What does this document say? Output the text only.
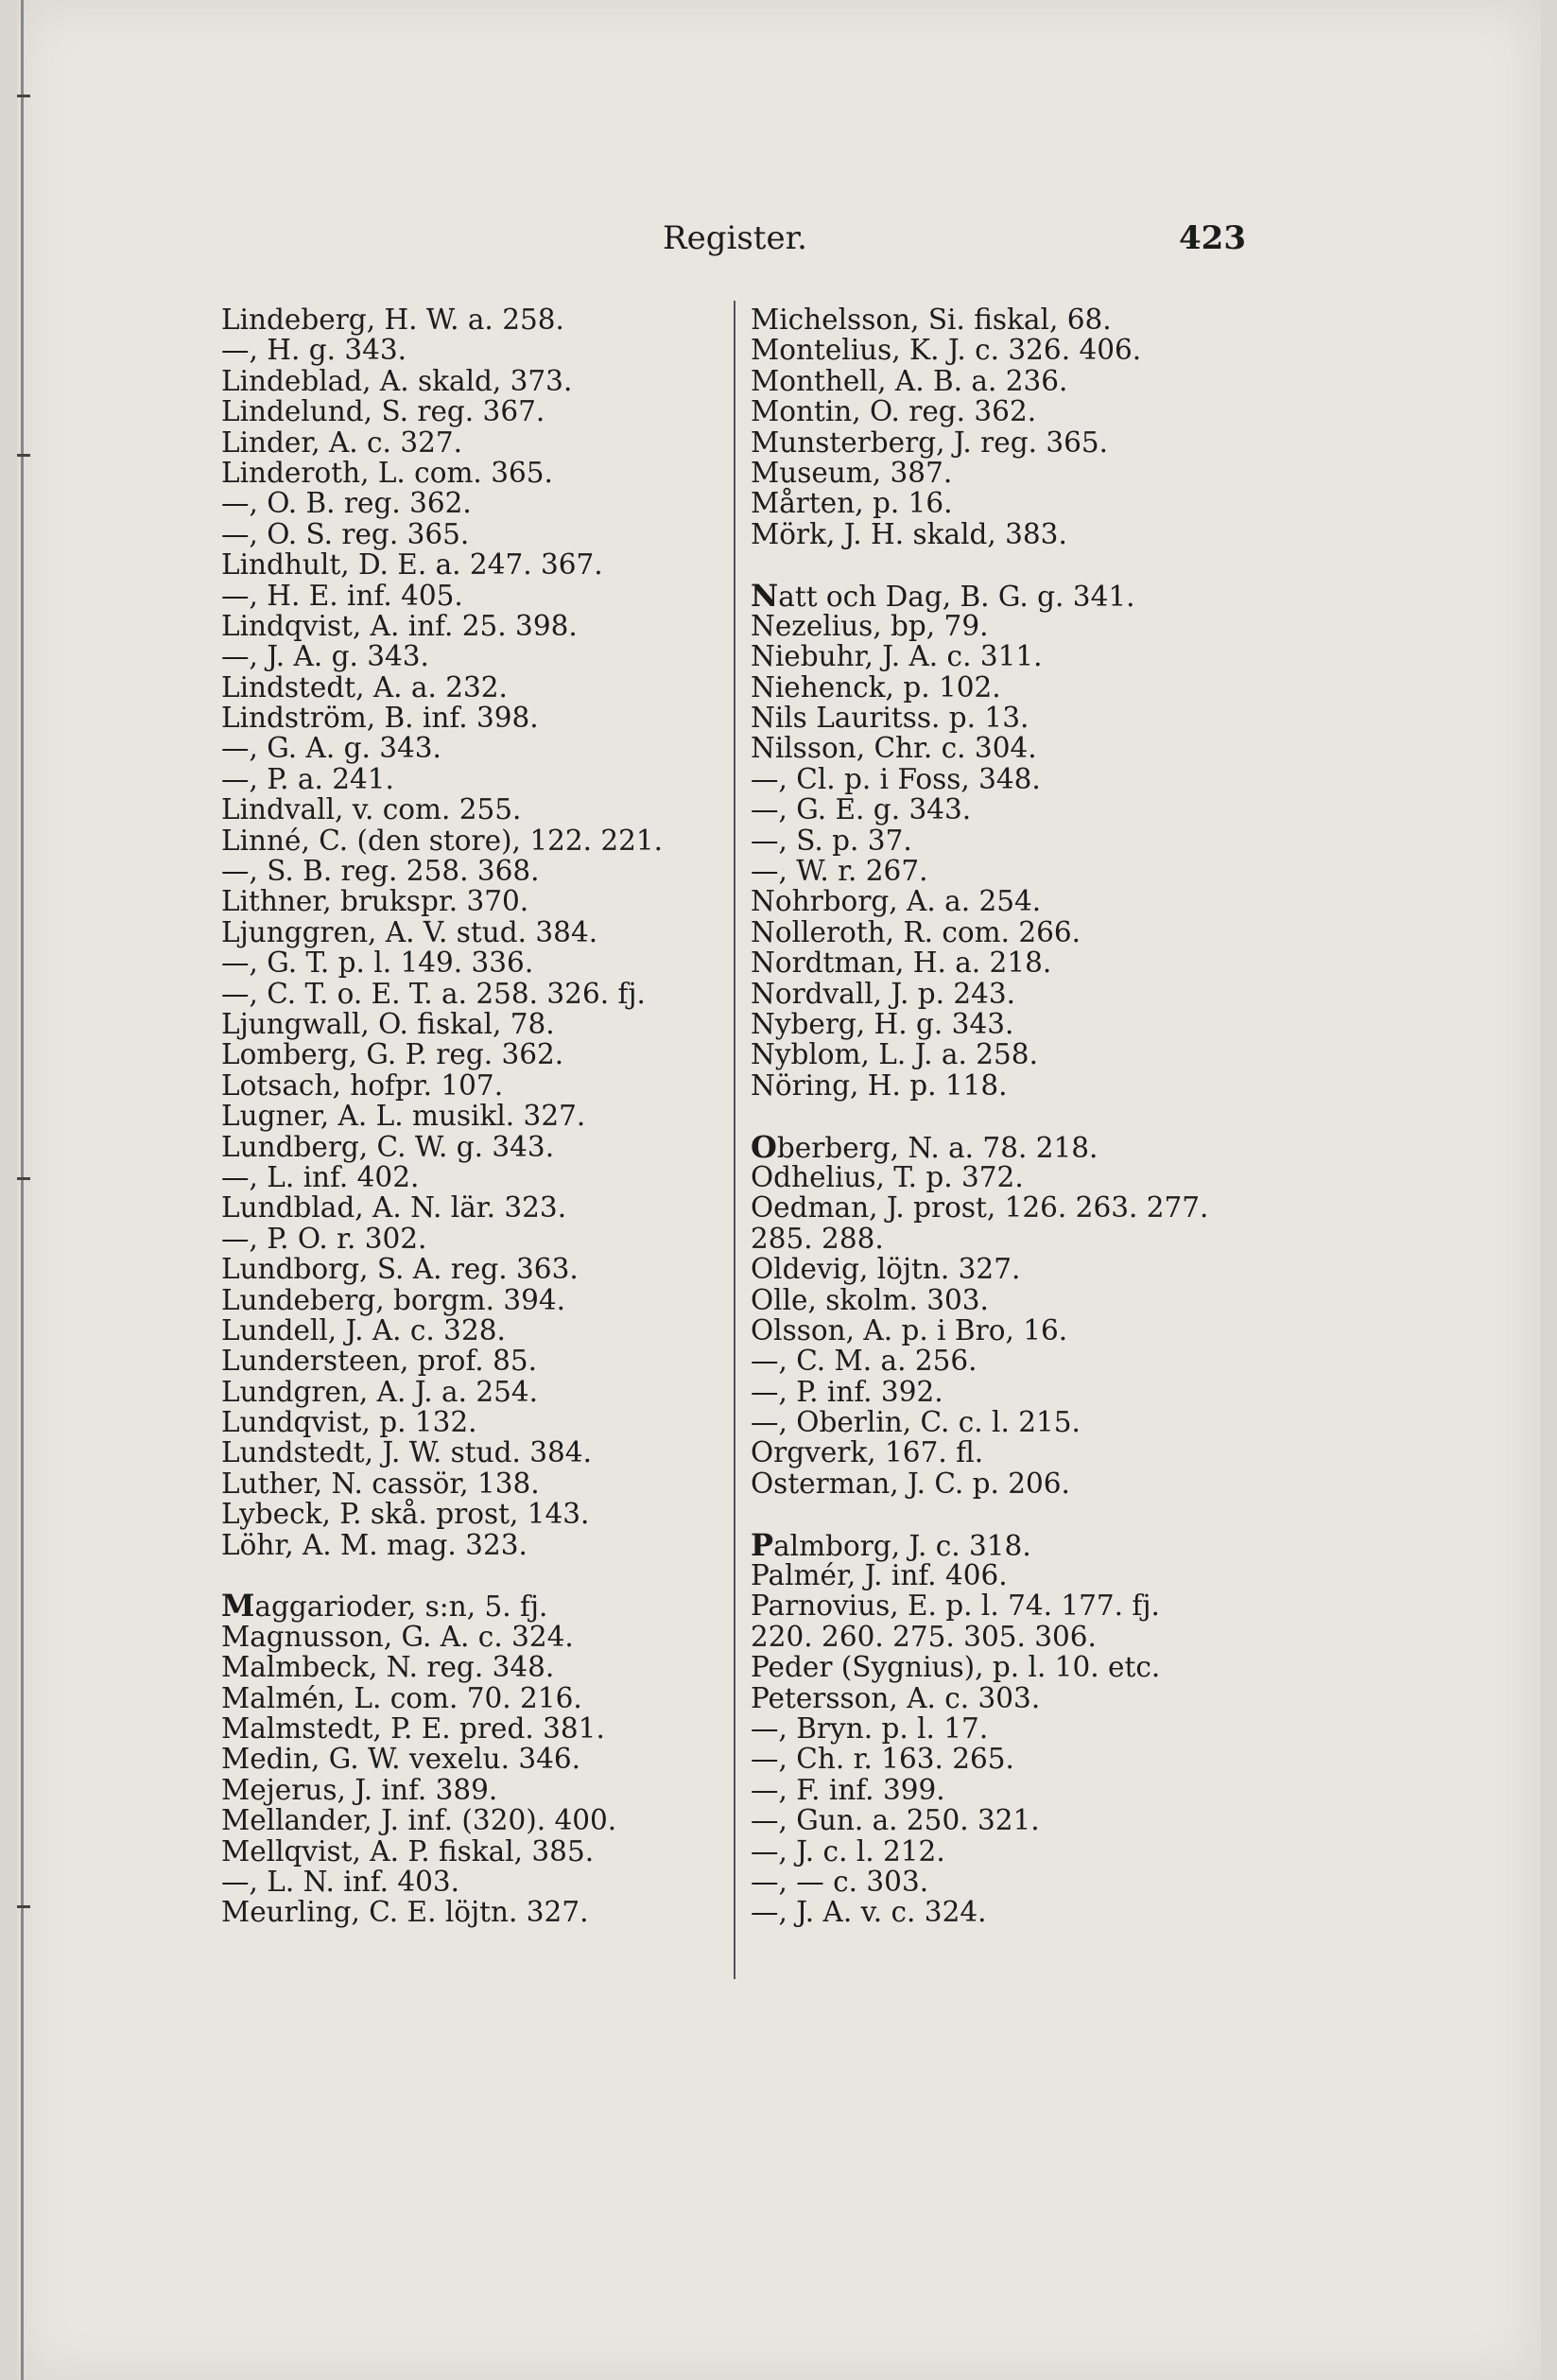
Register.	423
Lindeberg, H. W. a. 258.
—, H. g. 343.
Lindeblad, A. skald, 373.
Lindelund, S. reg. 367.
Linder, A. c. 327.
Linderoth, L. com. 365.
—, O. B. reg. 362.
—, O. S. reg. 365.
Lindhult, D. E. a. 247. 367.
—, H. E. inf. 405.
Lindqvist, A. inf. 25. 398.
—, J. A. g. 343.
Lindstedt, A. a. 232.
Lindström, B. inf. 398.
—, G. A. g. 343.
—, P. a. 241.
Lindvall, v. com. 255.
Linné, C. (den store), 122. 221.
—, S. B. reg. 258. 368.
Lithner, brukspr. 370.
Ljunggren, A. V. stud. 384.
—, G. T. p. l. 149. 336.
—, C. T. o. E. T. a. 258. 326. fj.
Ljungwall, O. fiskal, 78.
Lomberg, G. P. reg. 362.
Lotsach, hofpr. 107.
Lugner, A. L. musikl. 327.
Lundberg, C. W. g. 343.
—, L. inf. 402.
Lundblad, A. N. lär. 323.
—, P. O. r. 302.
Lundborg, S. A. reg. 363.
Lundeberg, borgm. 394.
Lundell, J. A. c. 328.
Lundersteen, prof. 85.
Lundgren, A. J. a. 254.
Lundqvist, p. 132.
Lundstedt, J. W. stud. 384.
Luther, N. cassör, 138.
Lybeck, P. skå. prost, 143.
Löhr, A. M. mag. 323.
Maggarioder, s:n, 5. fj.
Magnusson, G. A. c. 324.
Malmbeck, N. reg. 348.
Malmén, L. com. 70. 216.
Malmstedt, P. E. pred. 381.
Medin, G. W. vexelu. 346.
Mejerus, J. inf. 389.
Mellander, J. inf. (320). 400.
Mellqvist, A. P. fiskal, 385.
—, L. N. inf. 403.
Meurling, C. E. löjtn. 327.
Michelsson, Si. fiskal, 68.
Montelius, K. J. c. 326. 406.
Monthell, A. B. a. 236.
Montin, O. reg. 362.
Munsterberg, J. reg. 365.
Museum, 387.
Mårten, p. 16.
Mörk, J. H. skald, 383.
Natt och Dag, B. G. g. 341.
Nezelius, bp, 79.
Niebuhr, J. A. c. 311.
Niehenck, p. 102.
Nils Lauritss. p. 13.
Nilsson, Chr. c. 304.
—, Cl. p. i Foss, 348.
—, G. E. g. 343.
—, S. p. 37.
—, W. r. 267.
Nohrborg, A. a. 254.
Nolleroth, R. com. 266.
Nordtman, H. a. 218.
Nordvall, J. p. 243.
Nyberg, H. g. 343.
Nyblom, L. J. a. 258.
Nöring, H. p. 118.
Oberberg, N. a. 78. 218.
Odhelius, T. p. 372.
Oedman, J. prost, 126. 263. 277.
285. 288.
Oldevig, löjtn. 327.
Olle, skolm. 303.
Olsson, A. p. i Bro, 16.
—, C. M. a. 256.
—, P. inf. 392.
—, Oberlin, C. c. l. 215.
Orgverk, 167. fl.
Osterman, J. C. p. 206.
Palmborg, J. c. 318.
Palmér, J. inf. 406.
Parnovius, E. p. l. 74. 177. fj.
220. 260. 275. 305. 306.
Peder (Sygnius), p. l. 10. etc.
Petersson, A. c. 303.
—, Bryn. p. l. 17.
—, Ch. r. 163. 265.
—, F. inf. 399.
—, Gun. a. 250. 321.
—, J. c. l. 212.
—, — c. 303.
—, J. A. v. c. 324.
